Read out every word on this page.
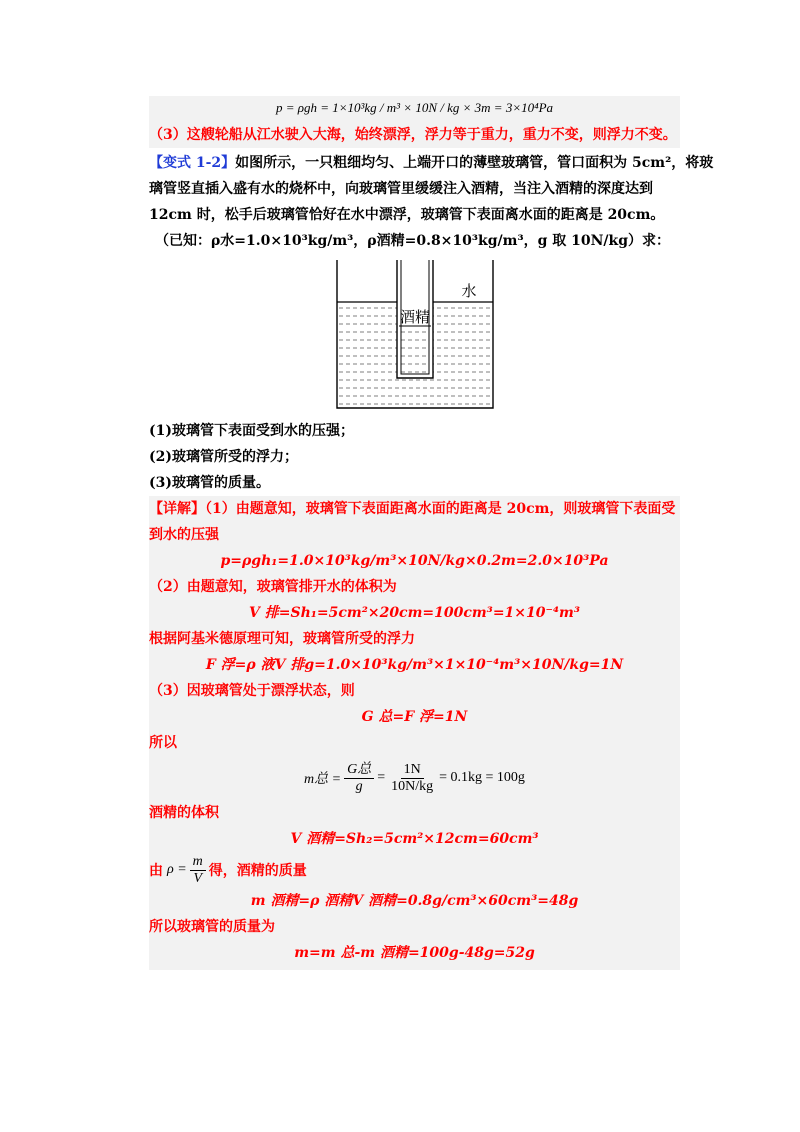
p = ρgh = 1×10³kg / m³ × 10N / kg × 3m = 3×10⁴Pa
（3）这艘轮船从江水驶入大海，始终漂浮，浮力等于重力，重力不变，则浮力不变。
【变式 1-2】如图所示，一只粗细均匀、上端开口的薄壁玻璃管，管口面积为 5cm²，将玻
璃管竖直插入盛有水的烧杯中，向玻璃管里缓缓注入酒精，当注入酒精的深度达到
12cm 时，松手后玻璃管恰好在水中漂浮，玻璃管下表面离水面的距离是 20cm。
（已知：ρ水=1.0×10³kg/m³，ρ酒精=0.8×10³kg/m³，g 取 10N/kg）求：
酒精
水
(1)玻璃管下表面受到水的压强；
(2)玻璃管所受的浮力；
(3)玻璃管的质量。
【详解】（1）由题意知，玻璃管下表面距离水面的距离是 20cm，则玻璃管下表面受
到水的压强
p=ρgh₁=1.0×10³kg/m³×10N/kg×0.2m=2.0×10³Pa
（2）由题意知，玻璃管排开水的体积为
V 排=Sh₁=5cm²×20cm=100cm³=1×10⁻⁴m³
根据阿基米德原理可知，玻璃管所受的浮力
F 浮=ρ 液V 排g=1.0×10³kg/m³×1×10⁻⁴m³×10N/kg=1N
（3）因玻璃管处于漂浮状态，则
G 总=F 浮=1N
所以
m总 = $\frac{\text{G总}}{g} = \frac{1N}{10N/kg} = 0.1kg = 100g$
酒精的体积
V 酒精=Sh₂=5cm²×12cm=60cm³
由 $\rho = \frac{m}{V}$ 得，酒精的质量
m 酒精=ρ 酒精V 酒精=0.8g/cm³×60cm³=48g
所以玻璃管的质量为
m=m 总-m 酒精=100g-48g=52g
